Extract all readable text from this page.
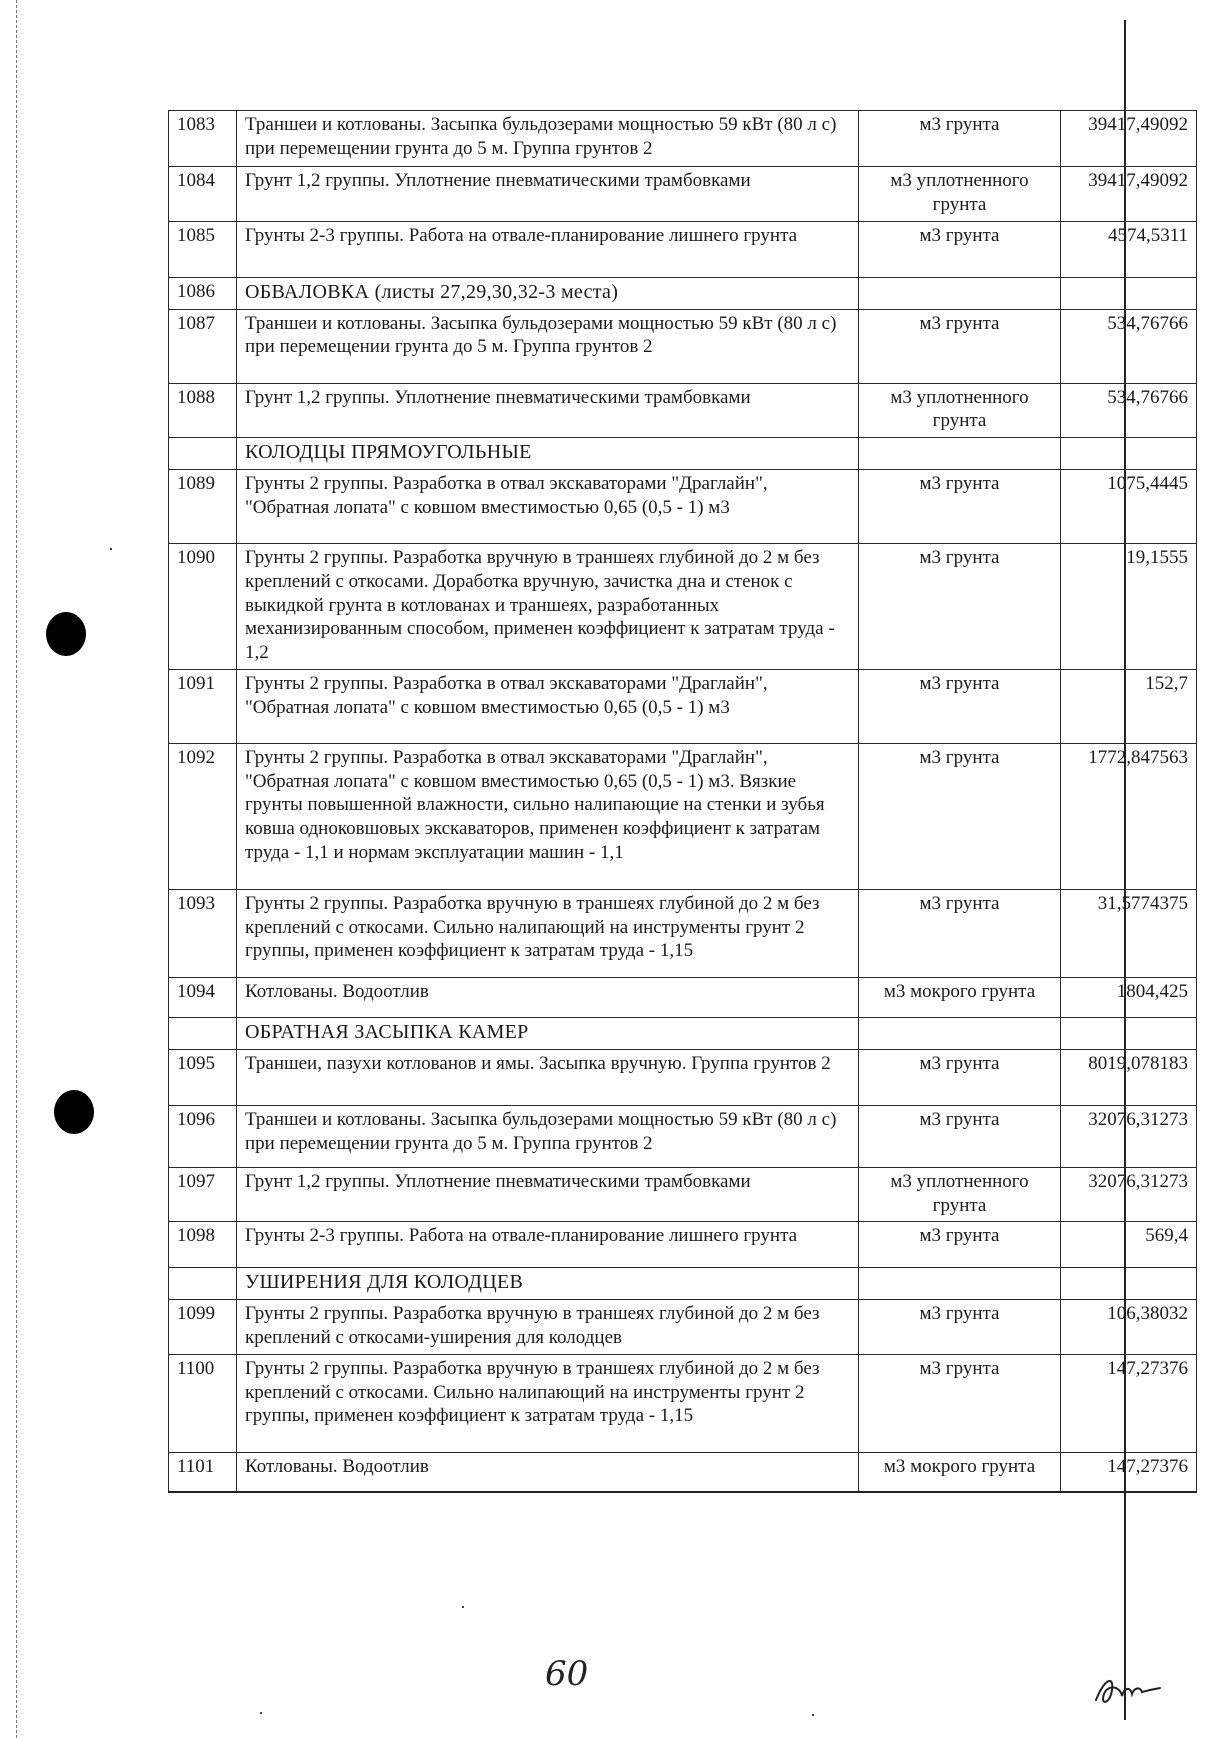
1083	Траншеи и котлованы. Засыпка бульдозерами мощностью 59 кВт (80 л с) при перемещении грунта до 5 м. Группа грунтов 2	м3 грунта	39417,49092
1084	Грунт 1,2 группы. Уплотнение пневматическими трамбовками	м3 уплотненного грунта	39417,49092
1085	Грунты 2-3 группы. Работа на отвале-планирование лишнего грунта	м3 грунта	4574,5311
1086	ОБВАЛОВКА (листы 27,29,30,32-3 места)		
1087	Траншеи и котлованы. Засыпка бульдозерами мощностью 59 кВт (80 л с) при перемещении грунта до 5 м. Группа грунтов 2	м3 грунта	534,76766
1088	Грунт 1,2 группы. Уплотнение пневматическими трамбовками	м3 уплотненного грунта	534,76766
	КОЛОДЦЫ ПРЯМОУГОЛЬНЫЕ		
1089	Грунты 2 группы. Разработка в отвал экскаваторами "Драглайн", "Обратная лопата" с ковшом вместимостью 0,65 (0,5 - 1) м3	м3 грунта	1075,4445
1090	Грунты 2 группы. Разработка вручную в траншеях глубиной до 2 м без креплений с откосами. Доработка вручную, зачистка дна и стенок с выкидкой грунта в котлованах и траншеях, разработанных механизированным способом, применен коэффициент к затратам труда - 1,2	м3 грунта	19,1555
1091	Грунты 2 группы. Разработка в отвал экскаваторами "Драглайн", "Обратная лопата" с ковшом вместимостью 0,65 (0,5 - 1) м3	м3 грунта	152,7
1092	Грунты 2 группы. Разработка в отвал экскаваторами "Драглайн", "Обратная лопата" с ковшом вместимостью 0,65 (0,5 - 1) м3. Вязкие грунты повышенной влажности, сильно налипающие на стенки и зубья ковша одноковшовых экскаваторов, применен коэффициент к затратам труда - 1,1 и нормам эксплуатации машин - 1,1	м3 грунта	1772,847563
1093	Грунты 2 группы. Разработка вручную в траншеях глубиной до 2 м без креплений с откосами. Сильно налипающий на инструменты грунт 2 группы, применен коэффициент к затратам труда - 1,15	м3 грунта	31,5774375
1094	Котлованы. Водоотлив	м3 мокрого грунта	1804,425
	ОБРАТНАЯ ЗАСЫПКА КАМЕР		
1095	Траншеи, пазухи котлованов и ямы. Засыпка вручную. Группа грунтов 2	м3 грунта	8019,078183
1096	Траншеи и котлованы. Засыпка бульдозерами мощностью 59 кВт (80 л с) при перемещении грунта до 5 м. Группа грунтов 2	м3 грунта	32076,31273
1097	Грунт 1,2 группы. Уплотнение пневматическими трамбовками	м3 уплотненного грунта	32076,31273
1098	Грунты 2-3 группы. Работа на отвале-планирование лишнего грунта	м3 грунта	569,4
	УШИРЕНИЯ ДЛЯ КОЛОДЦЕВ		
1099	Грунты 2 группы. Разработка вручную в траншеях глубиной до 2 м без креплений с откосами-уширения для колодцев	м3 грунта	106,38032
1100	Грунты 2 группы. Разработка вручную в траншеях глубиной до 2 м без креплений с откосами. Сильно налипающий на инструменты грунт 2 группы, применен коэффициент к затратам труда - 1,15	м3 грунта	147,27376
1101	Котлованы. Водоотлив	м3 мокрого грунта	147,27376
60
